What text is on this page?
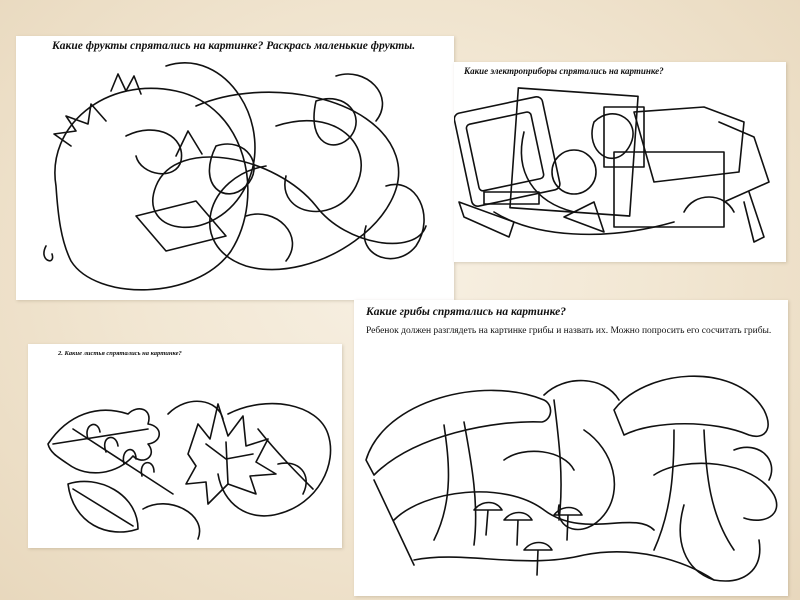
Какие фрукты спрятались на картинке? Раскрась маленькие фрукты.

Какие электроприборы спрятались на картинке?

2. Какие листья спрятались на картинке?

Какие грибы спрятались на картинке?

Ребенок должен разглядеть на картинке грибы и назвать их. Можно попросить его сосчитать грибы.
